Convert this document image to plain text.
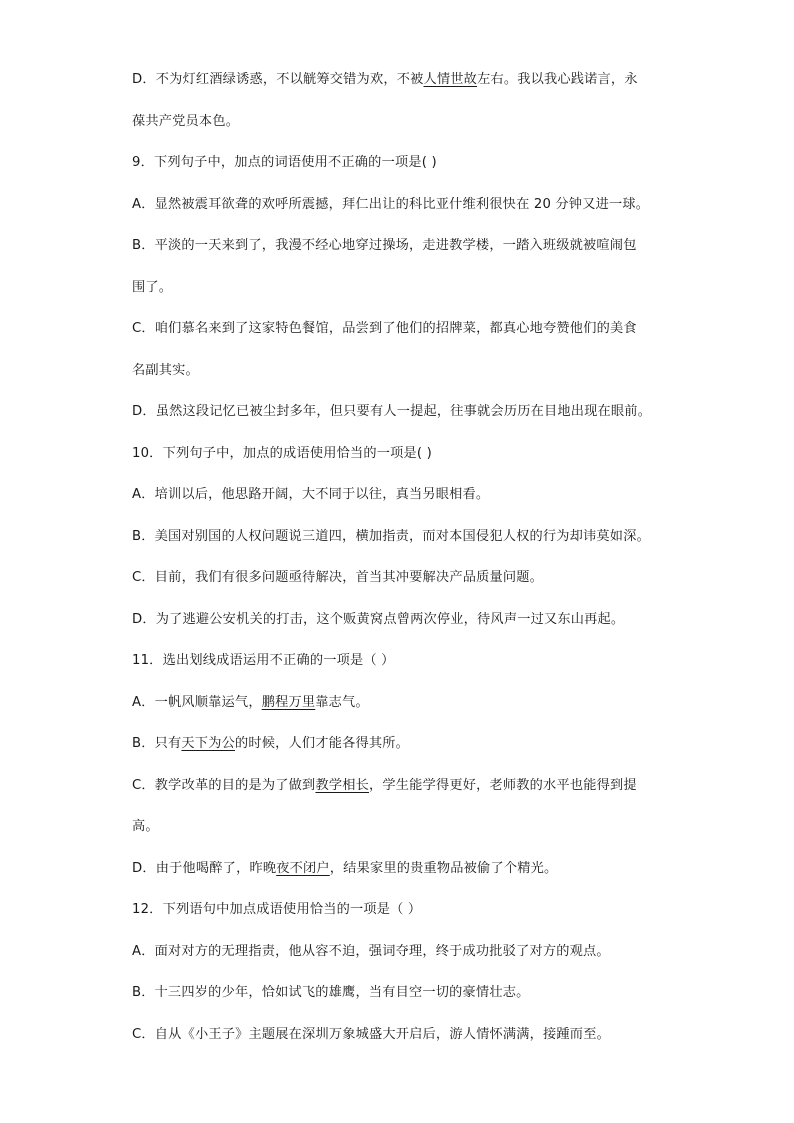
D．不为灯红酒绿诱惑，不以觥筹交错为欢，不被人情世故左右。我以我心践诺言，永

葆共产党员本色。

9．下列句子中，加点的词语使用不正确的一项是( )

A．显然被震耳欲聋的欢呼所震撼，拜仁出让的科比亚什维利很快在 20 分钟又进一球。

B．平淡的一天来到了，我漫不经心地穿过操场，走进教学楼，一踏入班级就被喧闹包

围了。

C．咱们慕名来到了这家特色餐馆，品尝到了他们的招牌菜，都真心地夸赞他们的美食

名副其实。

D．虽然这段记忆已被尘封多年，但只要有人一提起，往事就会历历在目地出现在眼前。

10．下列句子中，加点的成语使用恰当的一项是( )

A．培训以后，他思路开阔，大不同于以往，真当另眼相看。

B．美国对别国的人权问题说三道四，横加指责，而对本国侵犯人权的行为却讳莫如深。

C．目前，我们有很多问题亟待解决，首当其冲要解决产品质量问题。

D．为了逃避公安机关的打击，这个贩黄窝点曾两次停业，待风声一过又东山再起。

11．选出划线成语运用不正确的一项是（ ）

A．一帆风顺靠运气，鹏程万里靠志气。

B．只有天下为公的时候，人们才能各得其所。

C．教学改革的目的是为了做到教学相长，学生能学得更好，老师教的水平也能得到提

高。

D．由于他喝醉了，昨晚夜不闭户，结果家里的贵重物品被偷了个精光。

12．下列语句中加点成语使用恰当的一项是（ ）

A．面对对方的无理指责，他从容不迫，强词夺理，终于成功批驳了对方的观点。

B．十三四岁的少年，恰如试飞的雄鹰，当有目空一切的豪情壮志。

C．自从《小王子》主题展在深圳万象城盛大开启后，游人情怀满满，接踵而至。
